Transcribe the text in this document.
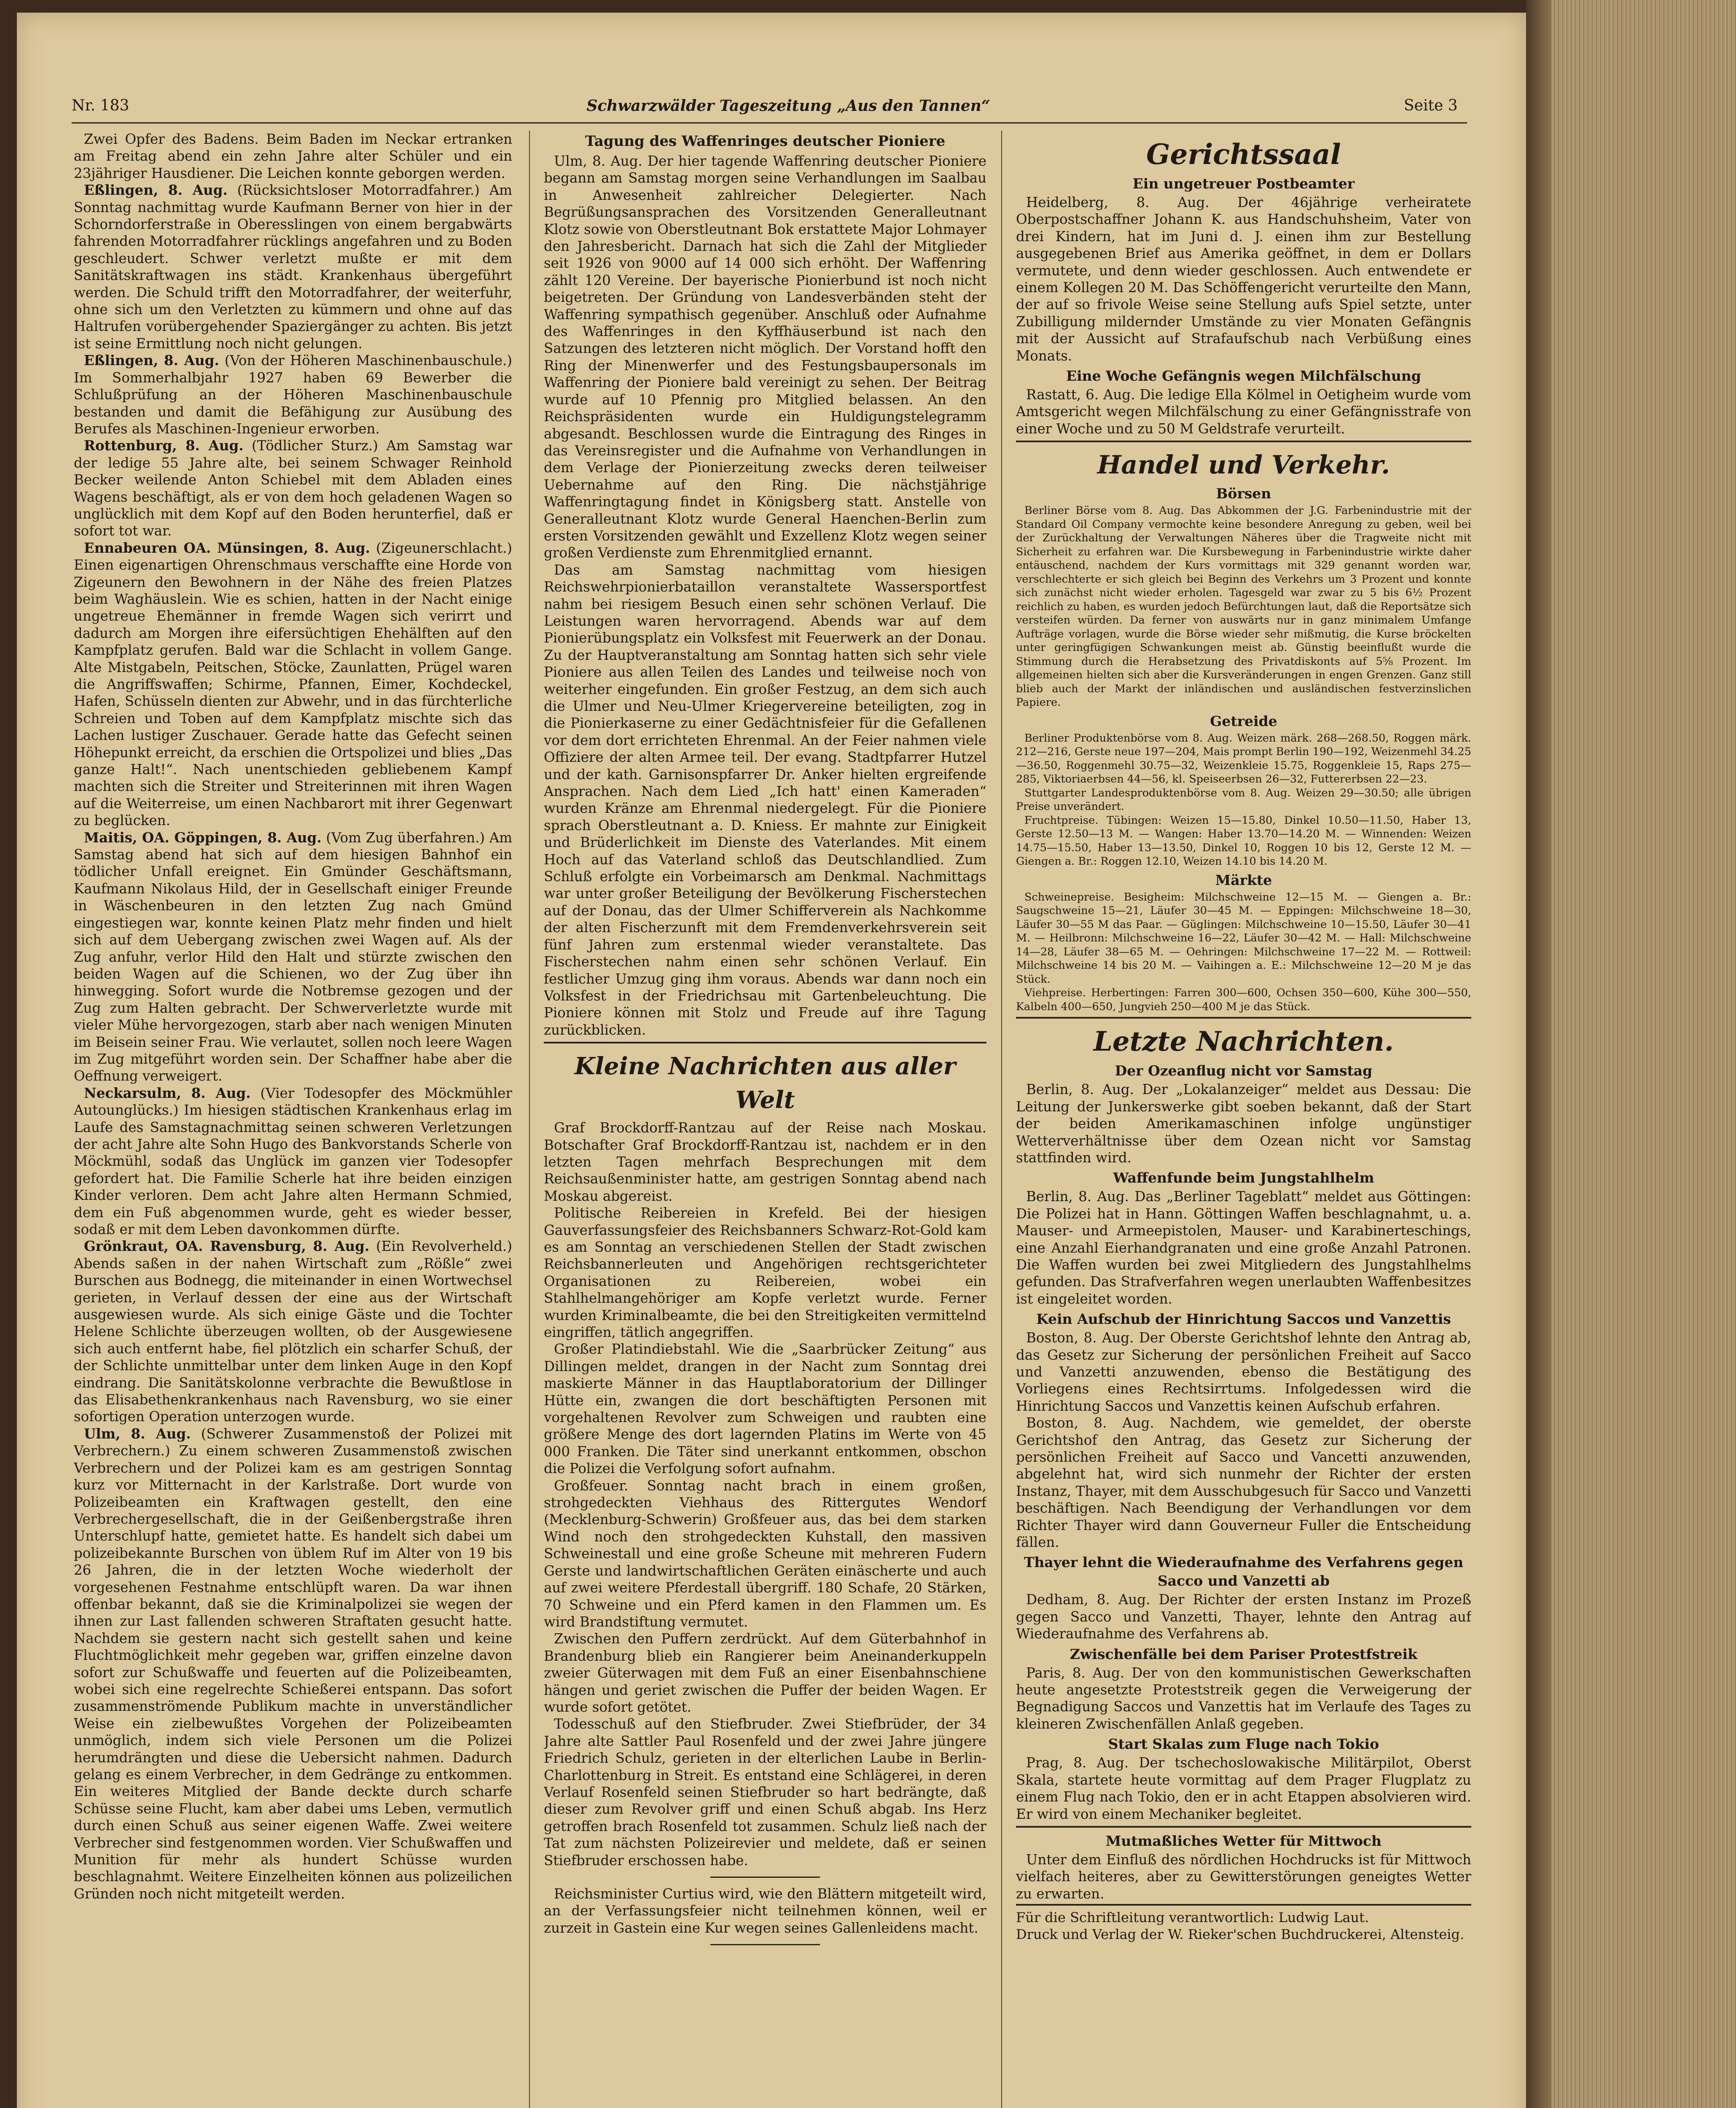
Nr. 183	Schwarzwälder Tageszeitung „Aus den Tannen“	Seite 3

Zwei Opfer des Badens. Beim Baden im Neckar ertranken am Freitag abend ein zehn Jahre alter Schüler und ein 23jähriger Hausdiener. Die Leichen konnte geborgen werden.

Eßlingen, 8. Aug. (Rücksichtsloser Motorradfahrer.) Am Sonntag nachmittag wurde Kaufmann Berner von hier in der Schorndorferstraße in Oberesslingen von einem bergabwärts fahrenden Motorradfahrer rücklings angefahren und zu Boden geschleudert. Schwer verletzt mußte er mit dem Sanitätskraftwagen ins städt. Krankenhaus übergeführt werden. Die Schuld trifft den Motorradfahrer, der weiterfuhr, ohne sich um den Verletzten zu kümmern und ohne auf das Haltrufen vorübergehender Spaziergänger zu achten. Bis jetzt ist seine Ermittlung noch nicht gelungen.

Eßlingen, 8. Aug. (Von der Höheren Maschinenbauschule.) Im Sommerhalbjahr 1927 haben 69 Bewerber die Schlußprüfung an der Höheren Maschinenbauschule bestanden und damit die Befähigung zur Ausübung des Berufes als Maschinen-Ingenieur erworben.

Rottenburg, 8. Aug. (Tödlicher Sturz.) Am Samstag war der ledige 55 Jahre alte, bei seinem Schwager Reinhold Becker weilende Anton Schiebel mit dem Abladen eines Wagens beschäftigt, als er von dem hoch geladenen Wagen so unglücklich mit dem Kopf auf den Boden herunterfiel, daß er sofort tot war.

Ennabeuren OA. Münsingen, 8. Aug. (Zigeunerschlacht.) Einen eigenartigen Ohrenschmaus verschaffte eine Horde von Zigeunern den Bewohnern in der Nähe des freien Platzes beim Waghäuslein. Wie es schien, hatten in der Nacht einige ungetreue Ehemänner in fremde Wagen sich verirrt und dadurch am Morgen ihre eifersüchtigen Ehehälften auf den Kampfplatz gerufen. Bald war die Schlacht in vollem Gange. Alte Mistgabeln, Peitschen, Stöcke, Zaunlatten, Prügel waren die Angriffswaffen; Schirme, Pfannen, Eimer, Kochdeckel, Hafen, Schüsseln dienten zur Abwehr, und in das fürchterliche Schreien und Toben auf dem Kampfplatz mischte sich das Lachen lustiger Zuschauer. Gerade hatte das Gefecht seinen Höhepunkt erreicht, da erschien die Ortspolizei und blies „Das ganze Halt!“. Nach unentschieden gebliebenem Kampf machten sich die Streiter und Streiterinnen mit ihren Wagen auf die Weiterreise, um einen Nachbarort mit ihrer Gegenwart zu beglücken.

Maitis, OA. Göppingen, 8. Aug. (Vom Zug überfahren.) Am Samstag abend hat sich auf dem hiesigen Bahnhof ein tödlicher Unfall ereignet. Ein Gmünder Geschäftsmann, Kaufmann Nikolaus Hild, der in Gesellschaft einiger Freunde in Wäschenbeuren in den letzten Zug nach Gmünd eingestiegen war, konnte keinen Platz mehr finden und hielt sich auf dem Uebergang zwischen zwei Wagen auf. Als der Zug anfuhr, verlor Hild den Halt und stürzte zwischen den beiden Wagen auf die Schienen, wo der Zug über ihn hinwegging. Sofort wurde die Notbremse gezogen und der Zug zum Halten gebracht. Der Schwerverletzte wurde mit vieler Mühe hervorgezogen, starb aber nach wenigen Minuten im Beisein seiner Frau. Wie verlautet, sollen noch leere Wagen im Zug mitgeführt worden sein. Der Schaffner habe aber die Oeffnung verweigert.

Neckarsulm, 8. Aug. (Vier Todesopfer des Möckmühler Autounglücks.) Im hiesigen städtischen Krankenhaus erlag im Laufe des Samstagnachmittag seinen schweren Verletzungen der acht Jahre alte Sohn Hugo des Bankvorstands Scherle von Möckmühl, sodaß das Unglück im ganzen vier Todesopfer gefordert hat. Die Familie Scherle hat ihre beiden einzigen Kinder verloren. Dem acht Jahre alten Hermann Schmied, dem ein Fuß abgenommen wurde, geht es wieder besser, sodaß er mit dem Leben davonkommen dürfte.

Grönkraut, OA. Ravensburg, 8. Aug. (Ein Revolverheld.) Abends saßen in der nahen Wirtschaft zum „Rößle“ zwei Burschen aus Bodnegg, die miteinander in einen Wortwechsel gerieten, in Verlauf dessen der eine aus der Wirtschaft ausgewiesen wurde. Als sich einige Gäste und die Tochter Helene Schlichte überzeugen wollten, ob der Ausgewiesene sich auch entfernt habe, fiel plötzlich ein scharfer Schuß, der der Schlichte unmittelbar unter dem linken Auge in den Kopf eindrang. Die Sanitätskolonne verbrachte die Bewußtlose in das Elisabethenkrankenhaus nach Ravensburg, wo sie einer sofortigen Operation unterzogen wurde.

Ulm, 8. Aug. (Schwerer Zusammenstoß der Polizei mit Verbrechern.) Zu einem schweren Zusammenstoß zwischen Verbrechern und der Polizei kam es am gestrigen Sonntag kurz vor Mitternacht in der Karlstraße. Dort wurde von Polizeibeamten ein Kraftwagen gestellt, den eine Verbrechergesellschaft, die in der Geißenbergstraße ihren Unterschlupf hatte, gemietet hatte. Es handelt sich dabei um polizeibekannte Burschen von üblem Ruf im Alter von 19 bis 26 Jahren, die in der letzten Woche wiederholt der vorgesehenen Festnahme entschlüpft waren. Da war ihnen offenbar bekannt, daß sie die Kriminalpolizei sie wegen der ihnen zur Last fallenden schweren Straftaten gesucht hatte. Nachdem sie gestern nacht sich gestellt sahen und keine Fluchtmöglichkeit mehr gegeben war, griffen einzelne davon sofort zur Schußwaffe und feuerten auf die Polizeibeamten, wobei sich eine regelrechte Schießerei entspann. Das sofort zusammenströmende Publikum machte in unverständlicher Weise ein zielbewußtes Vorgehen der Polizeibeamten unmöglich, indem sich viele Personen um die Polizei herumdrängten und diese die Uebersicht nahmen. Dadurch gelang es einem Verbrecher, in dem Gedränge zu entkommen. Ein weiteres Mitglied der Bande deckte durch scharfe Schüsse seine Flucht, kam aber dabei ums Leben, vermutlich durch einen Schuß aus seiner eigenen Waffe. Zwei weitere Verbrecher sind festgenommen worden. Vier Schußwaffen und Munition für mehr als hundert Schüsse wurden beschlagnahmt. Weitere Einzelheiten können aus polizeilichen Gründen noch nicht mitgeteilt werden.

Tagung des Waffenringes deutscher Pioniere

Ulm, 8. Aug. Der hier tagende Waffenring deutscher Pioniere begann am Samstag morgen seine Verhandlungen im Saalbau in Anwesenheit zahlreicher Delegierter. Nach Begrüßungsansprachen des Vorsitzenden Generalleutnant Klotz sowie von Oberstleutnant Bok erstattete Major Lohmayer den Jahresbericht. Darnach hat sich die Zahl der Mitglieder seit 1926 von 9000 auf 14 000 sich erhöht. Der Waffenring zählt 120 Vereine. Der bayerische Pionierbund ist noch nicht beigetreten. Der Gründung von Landesverbänden steht der Waffenring sympathisch gegenüber. Anschluß oder Aufnahme des Waffenringes in den Kyffhäuserbund ist nach den Satzungen des letzteren nicht möglich. Der Vorstand hofft den Ring der Minenwerfer und des Festungsbaupersonals im Waffenring der Pioniere bald vereinigt zu sehen. Der Beitrag wurde auf 10 Pfennig pro Mitglied belassen. An den Reichspräsidenten wurde ein Huldigungstelegramm abgesandt. Beschlossen wurde die Eintragung des Ringes in das Vereinsregister und die Aufnahme von Verhandlungen in dem Verlage der Pionierzeitung zwecks deren teilweiser Uebernahme auf den Ring. Die nächstjährige Waffenringtagung findet in Königsberg statt. Anstelle von Generalleutnant Klotz wurde General Haenchen-Berlin zum ersten Vorsitzenden gewählt und Exzellenz Klotz wegen seiner großen Verdienste zum Ehrenmitglied ernannt.

Das am Samstag nachmittag vom hiesigen Reichswehrpionierbataillon veranstaltete Wassersportfest nahm bei riesigem Besuch einen sehr schönen Verlauf. Die Leistungen waren hervorragend. Abends war auf dem Pionierübungsplatz ein Volksfest mit Feuerwerk an der Donau. Zu der Hauptveranstaltung am Sonntag hatten sich sehr viele Pioniere aus allen Teilen des Landes und teilweise noch von weiterher eingefunden. Ein großer Festzug, an dem sich auch die Ulmer und Neu-Ulmer Kriegervereine beteiligten, zog in die Pionierkaserne zu einer Gedächtnisfeier für die Gefallenen vor dem dort errichteten Ehrenmal. An der Feier nahmen viele Offiziere der alten Armee teil. Der evang. Stadtpfarrer Hutzel und der kath. Garnisonspfarrer Dr. Anker hielten ergreifende Ansprachen. Nach dem Lied „Ich hatt' einen Kameraden“ wurden Kränze am Ehrenmal niedergelegt. Für die Pioniere sprach Oberstleutnant a. D. Kniess. Er mahnte zur Einigkeit und Brüderlichkeit im Dienste des Vaterlandes. Mit einem Hoch auf das Vaterland schloß das Deutschlandlied. Zum Schluß erfolgte ein Vorbeimarsch am Denkmal. Nachmittags war unter großer Beteiligung der Bevölkerung Fischerstechen auf der Donau, das der Ulmer Schifferverein als Nachkomme der alten Fischerzunft mit dem Fremdenverkehrsverein seit fünf Jahren zum erstenmal wieder veranstaltete. Das Fischerstechen nahm einen sehr schönen Verlauf. Ein festlicher Umzug ging ihm voraus. Abends war dann noch ein Volksfest in der Friedrichsau mit Gartenbeleuchtung. Die Pioniere können mit Stolz und Freude auf ihre Tagung zurückblicken.

Kleine Nachrichten aus aller Welt

Graf Brockdorff-Rantzau auf der Reise nach Moskau. Botschafter Graf Brockdorff-Rantzau ist, nachdem er in den letzten Tagen mehrfach Besprechungen mit dem Reichsaußenminister hatte, am gestrigen Sonntag abend nach Moskau abgereist.

Politische Reibereien in Krefeld. Bei der hiesigen Gauverfassungsfeier des Reichsbanners Schwarz-Rot-Gold kam es am Sonntag an verschiedenen Stellen der Stadt zwischen Reichsbannerleuten und Angehörigen rechtsgerichteter Organisationen zu Reibereien, wobei ein Stahlhelmangehöriger am Kopfe verletzt wurde. Ferner wurden Kriminalbeamte, die bei den Streitigkeiten vermittelnd eingriffen, tätlich angegriffen.

Großer Platindiebstahl. Wie die „Saarbrücker Zeitung“ aus Dillingen meldet, drangen in der Nacht zum Sonntag drei maskierte Männer in das Hauptlaboratorium der Dillinger Hütte ein, zwangen die dort beschäftigten Personen mit vorgehaltenen Revolver zum Schweigen und raubten eine größere Menge des dort lagernden Platins im Werte von 45 000 Franken. Die Täter sind unerkannt entkommen, obschon die Polizei die Verfolgung sofort aufnahm.

Großfeuer. Sonntag nacht brach in einem großen, strohgedeckten Viehhaus des Rittergutes Wendorf (Mecklenburg-Schwerin) Großfeuer aus, das bei dem starken Wind noch den strohgedeckten Kuhstall, den massiven Schweinestall und eine große Scheune mit mehreren Fudern Gerste und landwirtschaftlichen Geräten einäscherte und auch auf zwei weitere Pferdestall übergriff. 180 Schafe, 20 Stärken, 70 Schweine und ein Pferd kamen in den Flammen um. Es wird Brandstiftung vermutet.

Zwischen den Puffern zerdrückt. Auf dem Güterbahnhof in Brandenburg blieb ein Rangierer beim Aneinanderkuppeln zweier Güterwagen mit dem Fuß an einer Eisenbahnschiene hängen und geriet zwischen die Puffer der beiden Wagen. Er wurde sofort getötet.

Todesschuß auf den Stiefbruder. Zwei Stiefbrüder, der 34 Jahre alte Sattler Paul Rosenfeld und der zwei Jahre jüngere Friedrich Schulz, gerieten in der elterlichen Laube in Berlin-Charlottenburg in Streit. Es entstand eine Schlägerei, in deren Verlauf Rosenfeld seinen Stiefbruder so hart bedrängte, daß dieser zum Revolver griff und einen Schuß abgab. Ins Herz getroffen brach Rosenfeld tot zusammen. Schulz ließ nach der Tat zum nächsten Polizeirevier und meldete, daß er seinen Stiefbruder erschossen habe.

Reichsminister Curtius wird, wie den Blättern mitgeteilt wird, an der Verfassungsfeier nicht teilnehmen können, weil er zurzeit in Gastein eine Kur wegen seines Gallenleidens macht.

Gerichtssaal
Ein ungetreuer Postbeamter

Heidelberg, 8. Aug. Der 46jährige verheiratete Oberpostschaffner Johann K. aus Handschuhsheim, Vater von drei Kindern, hat im Juni d. J. einen ihm zur Bestellung ausgegebenen Brief aus Amerika geöffnet, in dem er Dollars vermutete, und denn wieder geschlossen. Auch entwendete er einem Kollegen 20 M. Das Schöffengericht verurteilte den Mann, der auf so frivole Weise seine Stellung aufs Spiel setzte, unter Zubilligung mildernder Umstände zu vier Monaten Gefängnis mit der Aussicht auf Strafaufschub nach Verbüßung eines Monats.

Eine Woche Gefängnis wegen Milchfälschung

Rastatt, 6. Aug. Die ledige Ella Kölmel in Oetigheim wurde vom Amtsgericht wegen Milchfälschung zu einer Gefängnisstrafe von einer Woche und zu 50 M Geldstrafe verurteilt.

Handel und Verkehr.
Börsen

Berliner Börse vom 8. Aug. Das Abkommen der J.G. Farbenindustrie mit der Standard Oil Company vermochte keine besondere Anregung zu geben, weil bei der Zurückhaltung der Verwaltungen Näheres über die Tragweite nicht mit Sicherheit zu erfahren war. Die Kursbewegung in Farbenindustrie wirkte daher entäuschend, nachdem der Kurs vormittags mit 329 genannt worden war, verschlechterte er sich gleich bei Beginn des Verkehrs um 3 Prozent und konnte sich zunächst nicht wieder erholen. Tagesgeld war zwar zu 5 bis 6½ Prozent reichlich zu haben, es wurden jedoch Befürchtungen laut, daß die Reportsätze sich versteifen würden. Da ferner von auswärts nur in ganz minimalem Umfange Aufträge vorlagen, wurde die Börse wieder sehr mißmutig, die Kurse bröckelten unter geringfügigen Schwankungen meist ab. Günstig beeinflußt wurde die Stimmung durch die Herabsetzung des Privatdiskonts auf 5⅝ Prozent. Im allgemeinen hielten sich aber die Kursveränderungen in engen Grenzen. Ganz still blieb auch der Markt der inländischen und ausländischen festverzinslichen Papiere.

Getreide

Berliner Produktenbörse vom 8. Aug. Weizen märk. 268—268.50, Roggen märk. 212—216, Gerste neue 197—204, Mais prompt Berlin 190—192, Weizenmehl 34.25—36.50, Roggenmehl 30.75—32, Weizenkleie 15.75, Roggenkleie 15, Raps 275—285, Viktoriaerbsen 44—56, kl. Speiseerbsen 26—32, Futtererbsen 22—23.

Stuttgarter Landesproduktenbörse vom 8. Aug. Weizen 29—30.50; alle übrigen Preise unverändert.

Fruchtpreise. Tübingen: Weizen 15—15.80, Dinkel 10.50—11.50, Haber 13, Gerste 12.50—13 M. — Wangen: Haber 13.70—14.20 M. — Winnenden: Weizen 14.75—15.50, Haber 13—13.50, Dinkel 10, Roggen 10 bis 12, Gerste 12 M. — Giengen a. Br.: Roggen 12.10, Weizen 14.10 bis 14.20 M.

Märkte

Schweinepreise. Besigheim: Milchschweine 12—15 M. — Giengen a. Br.: Saugschweine 15—21, Läufer 30—45 M. — Eppingen: Milchschweine 18—30, Läufer 30—55 M das Paar. — Güglingen: Milchschweine 10—15.50, Läufer 30—41 M. — Heilbronn: Milchschweine 16—22, Läufer 30—42 M. — Hall: Milchschweine 14—28, Läufer 38—65 M. — Oehringen: Milchschweine 17—22 M. — Rottweil: Milchschweine 14 bis 20 M. — Vaihingen a. E.: Milchschweine 12—20 M je das Stück.

Viehpreise. Herbertingen: Farren 300—600, Ochsen 350—600, Kühe 300—550, Kalbeln 400—650, Jungvieh 250—400 M je das Stück.

Letzte Nachrichten.
Der Ozeanflug nicht vor Samstag

Berlin, 8. Aug. Der „Lokalanzeiger“ meldet aus Dessau: Die Leitung der Junkerswerke gibt soeben bekannt, daß der Start der beiden Amerikamaschinen infolge ungünstiger Wetterverhältnisse über dem Ozean nicht vor Samstag stattfinden wird.

Waffenfunde beim Jungstahlhelm

Berlin, 8. Aug. Das „Berliner Tageblatt“ meldet aus Göttingen: Die Polizei hat in Hann. Göttingen Waffen beschlagnahmt, u. a. Mauser- und Armeepistolen, Mauser- und Karabinerteschings, eine Anzahl Eierhandgranaten und eine große Anzahl Patronen. Die Waffen wurden bei zwei Mitgliedern des Jungstahlhelms gefunden. Das Strafverfahren wegen unerlaubten Waffenbesitzes ist eingeleitet worden.

Kein Aufschub der Hinrichtung Saccos und Vanzettis

Boston, 8. Aug. Der Oberste Gerichtshof lehnte den Antrag ab, das Gesetz zur Sicherung der persönlichen Freiheit auf Sacco und Vanzetti anzuwenden, ebenso die Bestätigung des Vorliegens eines Rechtsirrtums. Infolgedessen wird die Hinrichtung Saccos und Vanzettis keinen Aufschub erfahren.

Boston, 8. Aug. Nachdem, wie gemeldet, der oberste Gerichtshof den Antrag, das Gesetz zur Sicherung der persönlichen Freiheit auf Sacco und Vancetti anzuwenden, abgelehnt hat, wird sich nunmehr der Richter der ersten Instanz, Thayer, mit dem Ausschubgesuch für Sacco und Vanzetti beschäftigen. Nach Beendigung der Verhandlungen vor dem Richter Thayer wird dann Gouverneur Fuller die Entscheidung fällen.

Thayer lehnt die Wiederaufnahme des Verfahrens gegen Sacco und Vanzetti ab

Dedham, 8. Aug. Der Richter der ersten Instanz im Prozeß gegen Sacco und Vanzetti, Thayer, lehnte den Antrag auf Wiederaufnahme des Verfahrens ab.

Zwischenfälle bei dem Pariser Protestfstreik

Paris, 8. Aug. Der von den kommunistischen Gewerkschaften heute angesetzte Proteststreik gegen die Verweigerung der Begnadigung Saccos und Vanzettis hat im Verlaufe des Tages zu kleineren Zwischenfällen Anlaß gegeben.

Start Skalas zum Fluge nach Tokio

Prag, 8. Aug. Der tschechoslowakische Militärpilot, Oberst Skala, startete heute vormittag auf dem Prager Flugplatz zu einem Flug nach Tokio, den er in acht Etappen absolvieren wird. Er wird von einem Mechaniker begleitet.

Mutmaßliches Wetter für Mittwoch

Unter dem Einfluß des nördlichen Hochdrucks ist für Mittwoch vielfach heiteres, aber zu Gewitterstörungen geneigtes Wetter zu erwarten.

Für die Schriftleitung verantwortlich: Ludwig Laut.

Druck und Verlag der W. Rieker'schen Buchdruckerei, Altensteig.
